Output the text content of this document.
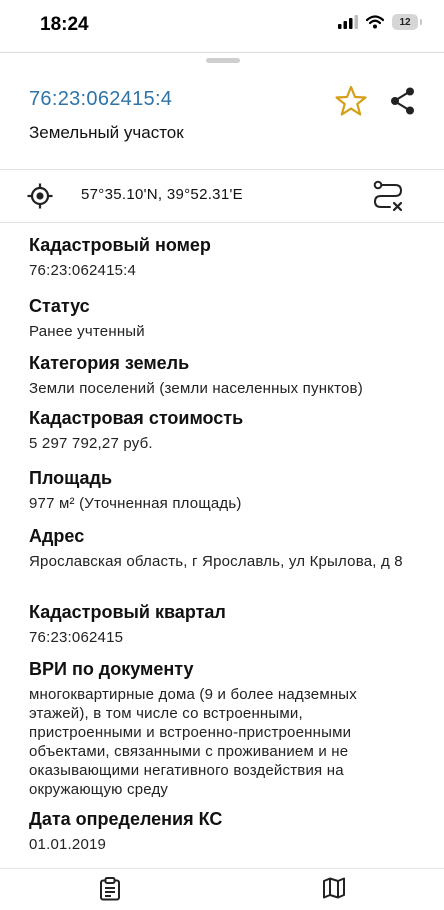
18:24	12
76:23:062415:4
Земельный участок
57°35.10'N, 39°52.31'E

Кадастровый номер

76:23:062415:4

Статус

Ранее учтенный

Категория земель

Земли поселений (земли населенных пунктов)

Кадастровая стоимость

5 297 792,27 руб.

Площадь

977 м² (Уточненная площадь)

Адрес

Ярославская область, г Ярославль, ул Крылова, д 8

Кадастровый квартал

76:23:062415

ВРИ по документу

многоквартирные дома (9 и более надземных этажей), в том числе со встроенными, пристроенными и встроенно-пристроенными объектами, связанными с проживанием и не оказывающими негативного воздействия на окружающую среду

Дата определения КС

01.01.2019
